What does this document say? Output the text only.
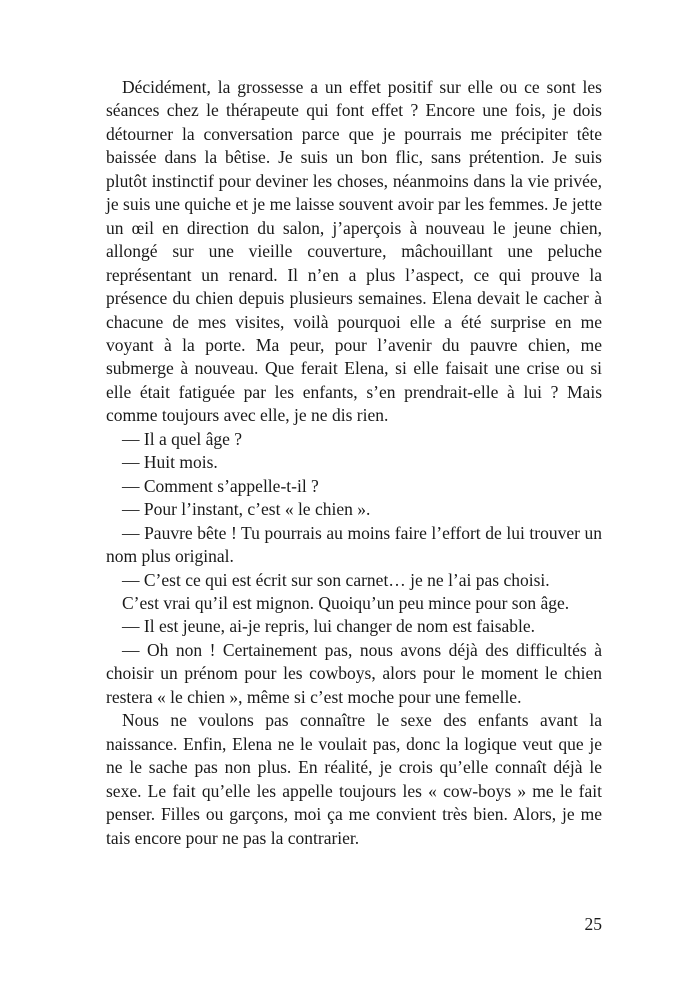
Décidément, la grossesse a un effet positif sur elle ou ce sont les séances chez le thérapeute qui font effet ? Encore une fois, je dois détourner la conversation parce que je pourrais me précipiter tête baissée dans la bêtise. Je suis un bon flic, sans prétention. Je suis plutôt instinctif pour deviner les choses, néanmoins dans la vie privée, je suis une quiche et je me laisse souvent avoir par les femmes. Je jette un œil en direction du salon, j’aperçois à nouveau le jeune chien, allongé sur une vieille couverture, mâchouillant une peluche représentant un renard. Il n’en a plus l’aspect, ce qui prouve la présence du chien depuis plusieurs semaines. Elena devait le cacher à chacune de mes visites, voilà pourquoi elle a été surprise en me voyant à la porte. Ma peur, pour l’avenir du pauvre chien, me submerge à nouveau. Que ferait Elena, si elle faisait une crise ou si elle était fatiguée par les enfants, s’en prendrait-elle à lui ? Mais comme toujours avec elle, je ne dis rien.

— Il a quel âge ?

— Huit mois.

— Comment s’appelle-t-il ?

— Pour l’instant, c’est « le chien ».

— Pauvre bête ! Tu pourrais au moins faire l’effort de lui trouver un nom plus original.

— C’est ce qui est écrit sur son carnet… je ne l’ai pas choisi.

C’est vrai qu’il est mignon. Quoiqu’un peu mince pour son âge.

— Il est jeune, ai-je repris, lui changer de nom est faisable.

— Oh non ! Certainement pas, nous avons déjà des difficultés à choisir un prénom pour les cowboys, alors pour le moment le chien restera « le chien », même si c’est moche pour une femelle.

Nous ne voulons pas connaître le sexe des enfants avant la naissance. Enfin, Elena ne le voulait pas, donc la logique veut que je ne le sache pas non plus. En réalité, je crois qu’elle connaît déjà le sexe. Le fait qu’elle les appelle toujours les « cow-boys » me le fait penser. Filles ou garçons, moi ça me convient très bien. Alors, je me tais encore pour ne pas la contrarier.

25
